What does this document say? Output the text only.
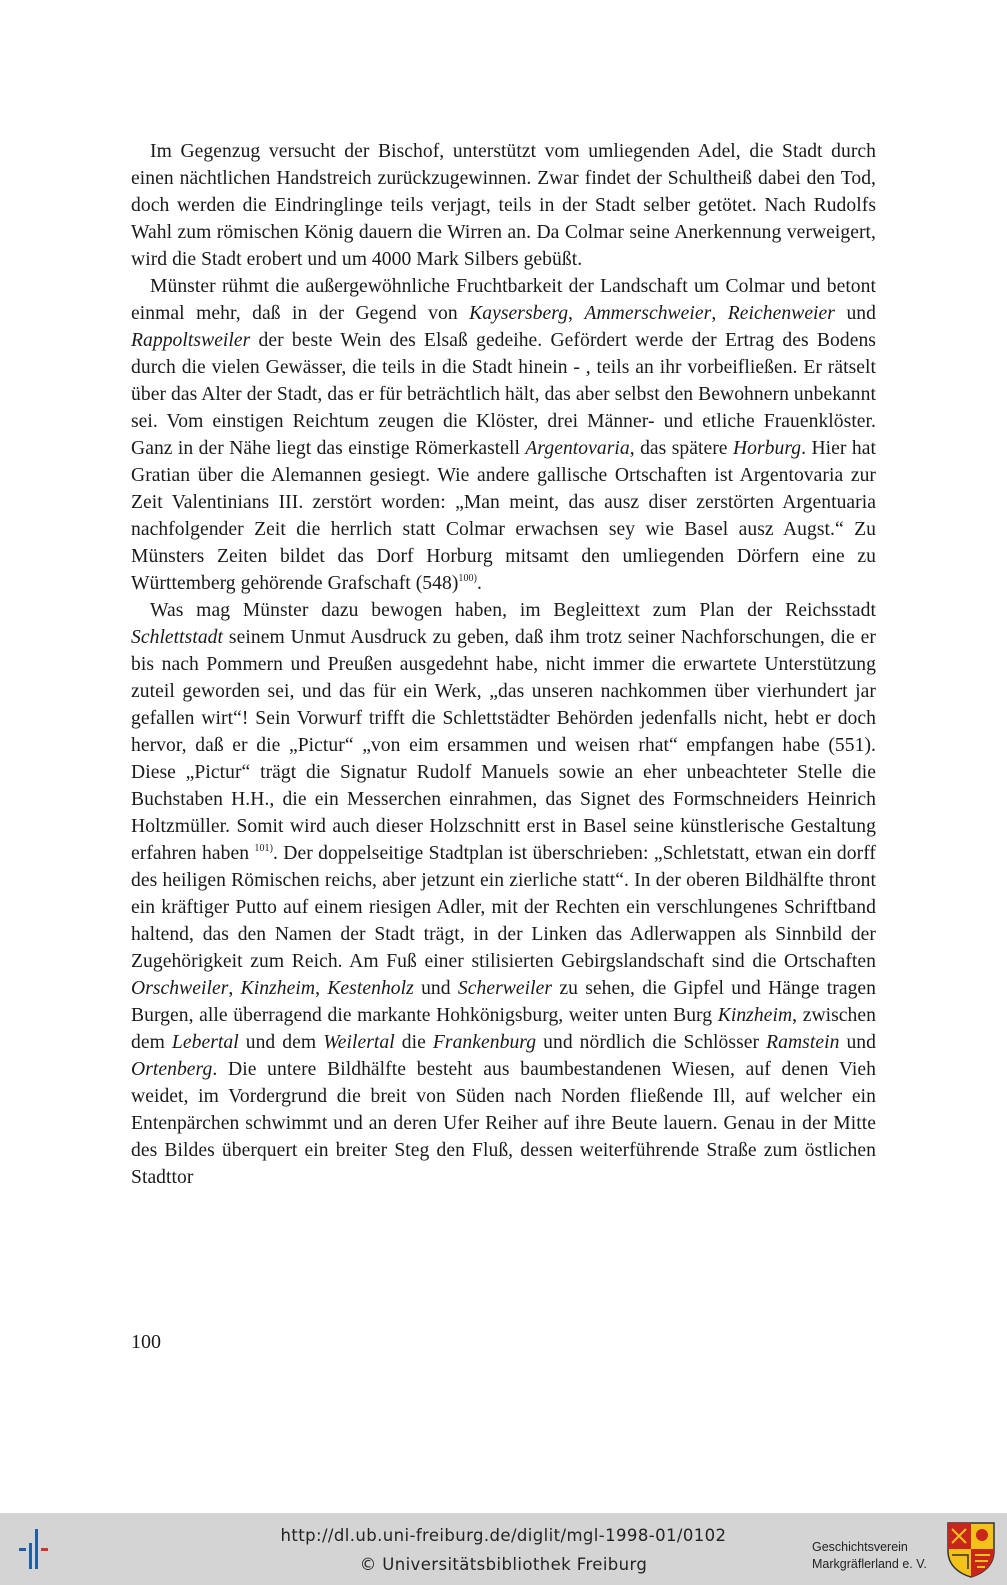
Im Gegenzug versucht der Bischof, unterstützt vom umliegenden Adel, die Stadt durch einen nächtlichen Handstreich zurückzugewinnen. Zwar findet der Schultheiß dabei den Tod, doch werden die Eindringlinge teils verjagt, teils in der Stadt selber getötet. Nach Rudolfs Wahl zum römischen König dauern die Wirren an. Da Colmar seine Anerkennung verweigert, wird die Stadt erobert und um 4000 Mark Silbers gebüßt.

Münster rühmt die außergewöhnliche Fruchtbarkeit der Landschaft um Colmar und betont einmal mehr, daß in der Gegend von Kaysersberg, Ammerschweier, Reichenweier und Rappoltsweiler der beste Wein des Elsaß gedeihe. Gefördert werde der Ertrag des Bodens durch die vielen Gewässer, die teils in die Stadt hinein - , teils an ihr vorbeifließen. Er rätselt über das Alter der Stadt, das er für beträchtlich hält, das aber selbst den Bewohnern unbekannt sei. Vom einstigen Reichtum zeugen die Klöster, drei Männer- und etliche Frauenklöster. Ganz in der Nähe liegt das einstige Römerkastell Argentovaria, das spätere Horburg. Hier hat Gratian über die Alemannen gesiegt. Wie andere gallische Ortschaften ist Argentovaria zur Zeit Valentinians III. zerstört worden: „Man meint, das ausz diser zerstörten Argentuaria nachfolgender Zeit die herrlich statt Colmar erwachsen sey wie Basel ausz Augst.“ Zu Münsters Zeiten bildet das Dorf Horburg mitsamt den umliegenden Dörfern eine zu Württemberg gehörende Grafschaft $(548)^{100)}$.

Was mag Münster dazu bewogen haben, im Begleittext zum Plan der Reichsstadt Schlettstadt seinem Unmut Ausdruck zu geben, daß ihm trotz seiner Nachforschungen, die er bis nach Pommern und Preußen ausgedehnt habe, nicht immer die erwartete Unterstützung zuteil geworden sei, und das für ein Werk, „das unseren nachkommen über vierhundert jar gefallen wirt“! Sein Vorwurf trifft die Schlettstädter Behörden jedenfalls nicht, hebt er doch hervor, daß er die „Pictur“ „von eim ersammen und weisen rhat“ empfangen habe (551). Diese „Pictur“ trägt die Signatur Rudolf Manuels sowie an eher unbeachteter Stelle die Buchstaben H.H., die ein Messerchen einrahmen, das Signet des Formschneiders Heinrich Holtzmüller. Somit wird auch dieser Holzschnitt erst in Basel seine künstlerische Gestaltung erfahren haben $^{101)}$. Der doppelseitige Stadtplan ist überschrieben: „Schletstatt, etwan ein dorff des heiligen Römischen reichs, aber jetzunt ein zierliche statt“. In der oberen Bildhälfte thront ein kräftiger Putto auf einem riesigen Adler, mit der Rechten ein verschlungenes Schriftband haltend, das den Namen der Stadt trägt, in der Linken das Adlerwappen als Sinnbild der Zugehörigkeit zum Reich. Am Fuß einer stilisierten Gebirgslandschaft sind die Ortschaften Orschweiler, Kinzheim, Kestenholz und Scherweiler zu sehen, die Gipfel und Hänge tragen Burgen, alle überragend die markante Hohkönigsburg, weiter unten Burg Kinzheim, zwischen dem Lebertal und dem Weilertal die Frankenburg und nördlich die Schlösser Ramstein und Ortenberg. Die untere Bildhälfte besteht aus baumbestandenen Wiesen, auf denen Vieh weidet, im Vordergrund die breit von Süden nach Norden fließende Ill, auf welcher ein Entenpärchen schwimmt und an deren Ufer Reiher auf ihre Beute lauern. Genau in der Mitte des Bildes überquert ein breiter Steg den Fluß, dessen weiterführende Straße zum östlichen Stadttor

100
http://dl.ub.uni-freiburg.de/diglit/mgl-1998-01/0102
© Universitätsbibliothek Freiburg
Geschichtsverein
Markgräflerland e. V.
